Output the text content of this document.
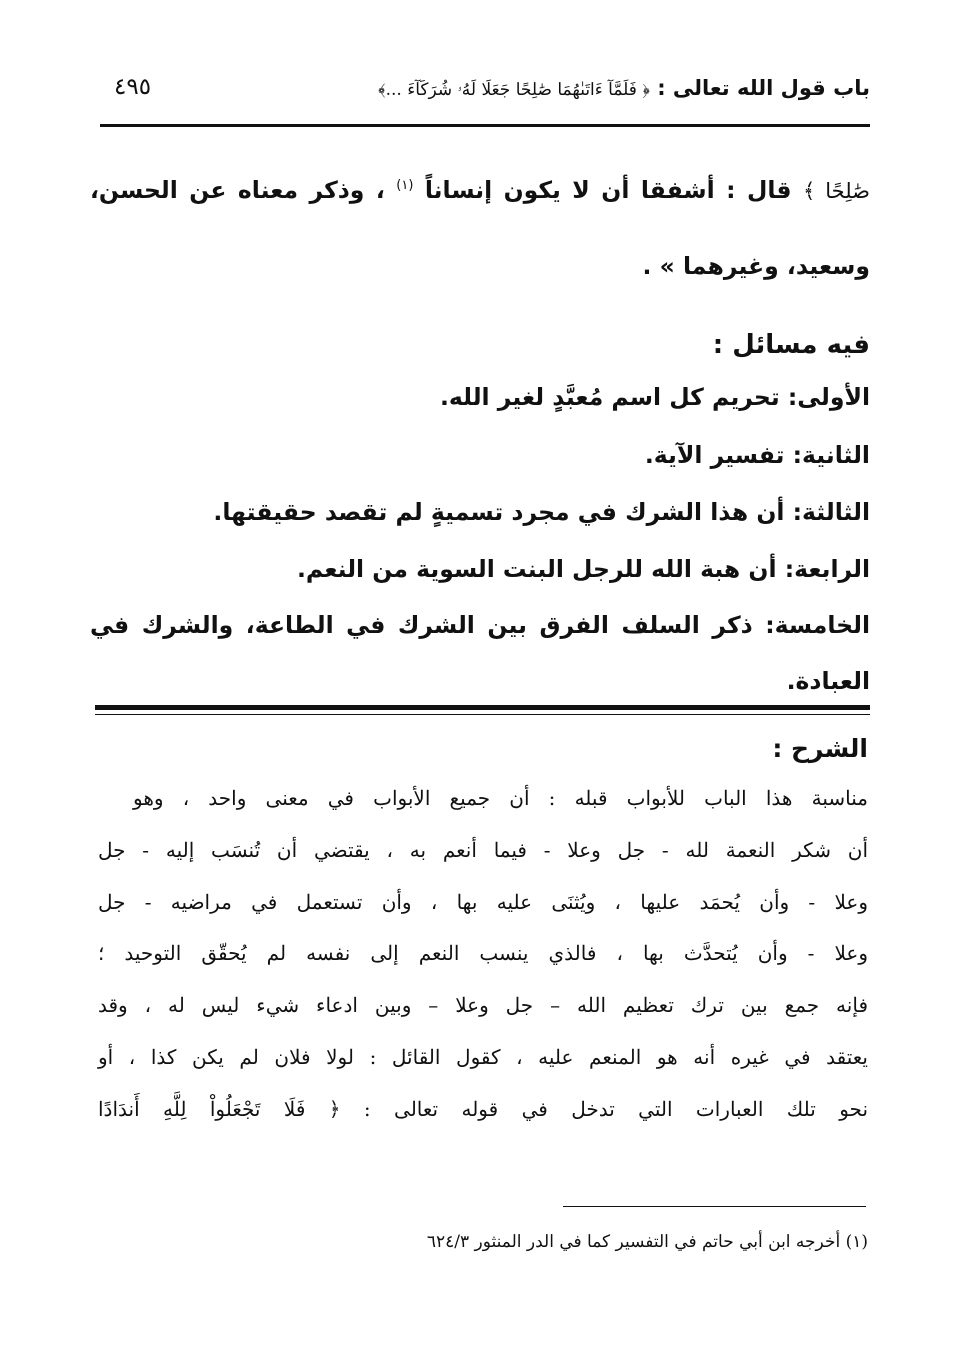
باب قول الله تعالى : ﴿ فَلَمَّآ ءَاتَىٰهُمَا صَٰلِحًا جَعَلَا لَهُۥ شُرَكَآءَ ...﴾
٤٩٥
صَٰلِحًا ﴾ قال : أشفقا أن لا يكون إنساناً $^{(١)}$ ، وذكر معناه عن الحسن،
وسعيد، وغيرهما » .
فيه مسائل :
الأولى: تحريم كل اسم مُعبَّدٍ لغير الله.
الثانية: تفسير الآية.
الثالثة: أن هذا الشرك في مجرد تسميةٍ لم تقصد حقيقتها.
الرابعة: أن هبة الله للرجل البنت السوية من النعم.
الخامسة: ذكر السلف الفرق بين الشرك في الطاعة، والشرك في
العبادة.
الشرح :
مناسبة هذا الباب للأبواب قبله : أن جميع الأبواب في معنى واحد ، وهو
أن شكر النعمة لله - جل وعلا - فيما أنعم به ، يقتضي أن تُنسَب إليه - جل
وعلا - وأن يُحمَد عليها ، ويُثنَى عليه بها ، وأن تستعمل في مراضيه - جل
وعلا - وأن يُتحدَّث بها ، فالذي ينسب النعم إلى نفسه لم يُحقّق التوحيد ؛
فإنه جمع بين ترك تعظيم الله – جل وعلا – وبين ادعاء شيء ليس له ، وقد
يعتقد في غيره أنه هو المنعم عليه ، كقول القائل : لولا فلان لم يكن كذا ، أو
نحو تلك العبارات التي تدخل في قوله تعالى : ﴿ فَلَا تَجْعَلُواْ لِلَّهِ أَندَادًا
(١) أخرجه ابن أبي حاتم في التفسير كما في الدر المنثور ٦٢٤/٣
